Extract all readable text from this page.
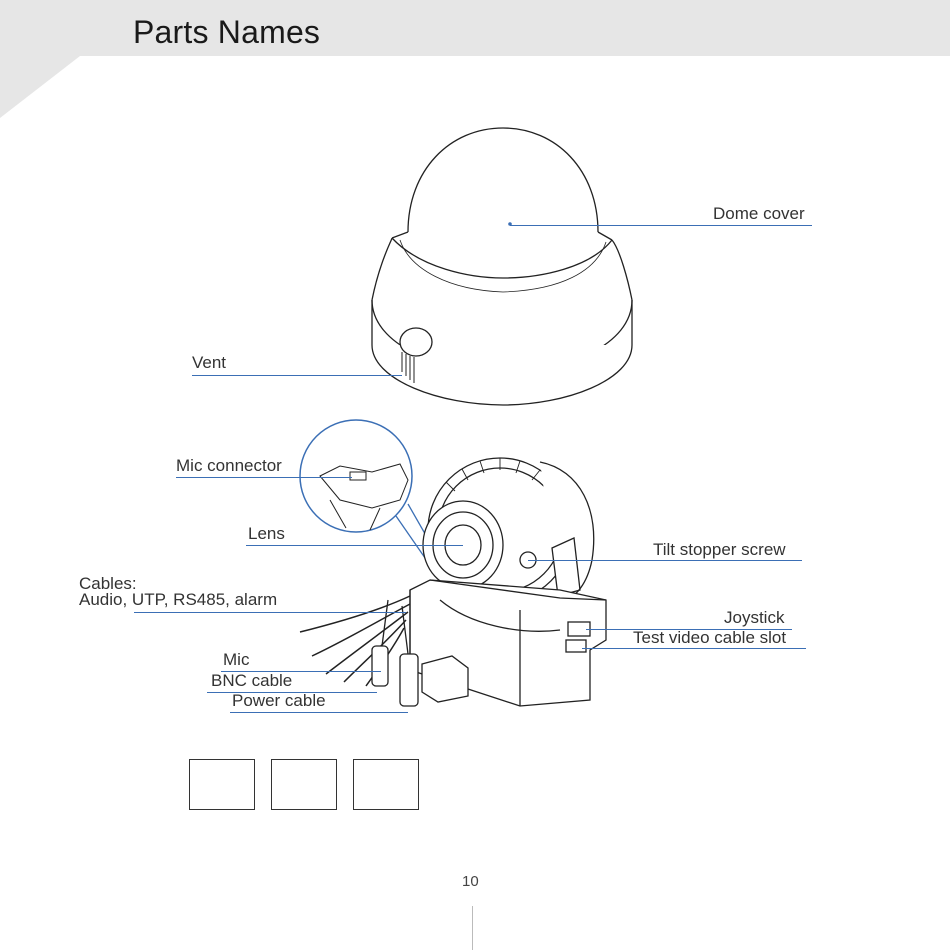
Parts Names
Dome cover
Vent
Mic connector
Lens
Tilt stopper screw
Cables:
Audio, UTP, RS485, alarm
Joystick
Test video cable slot
Mic
BNC cable
Power cable
10
